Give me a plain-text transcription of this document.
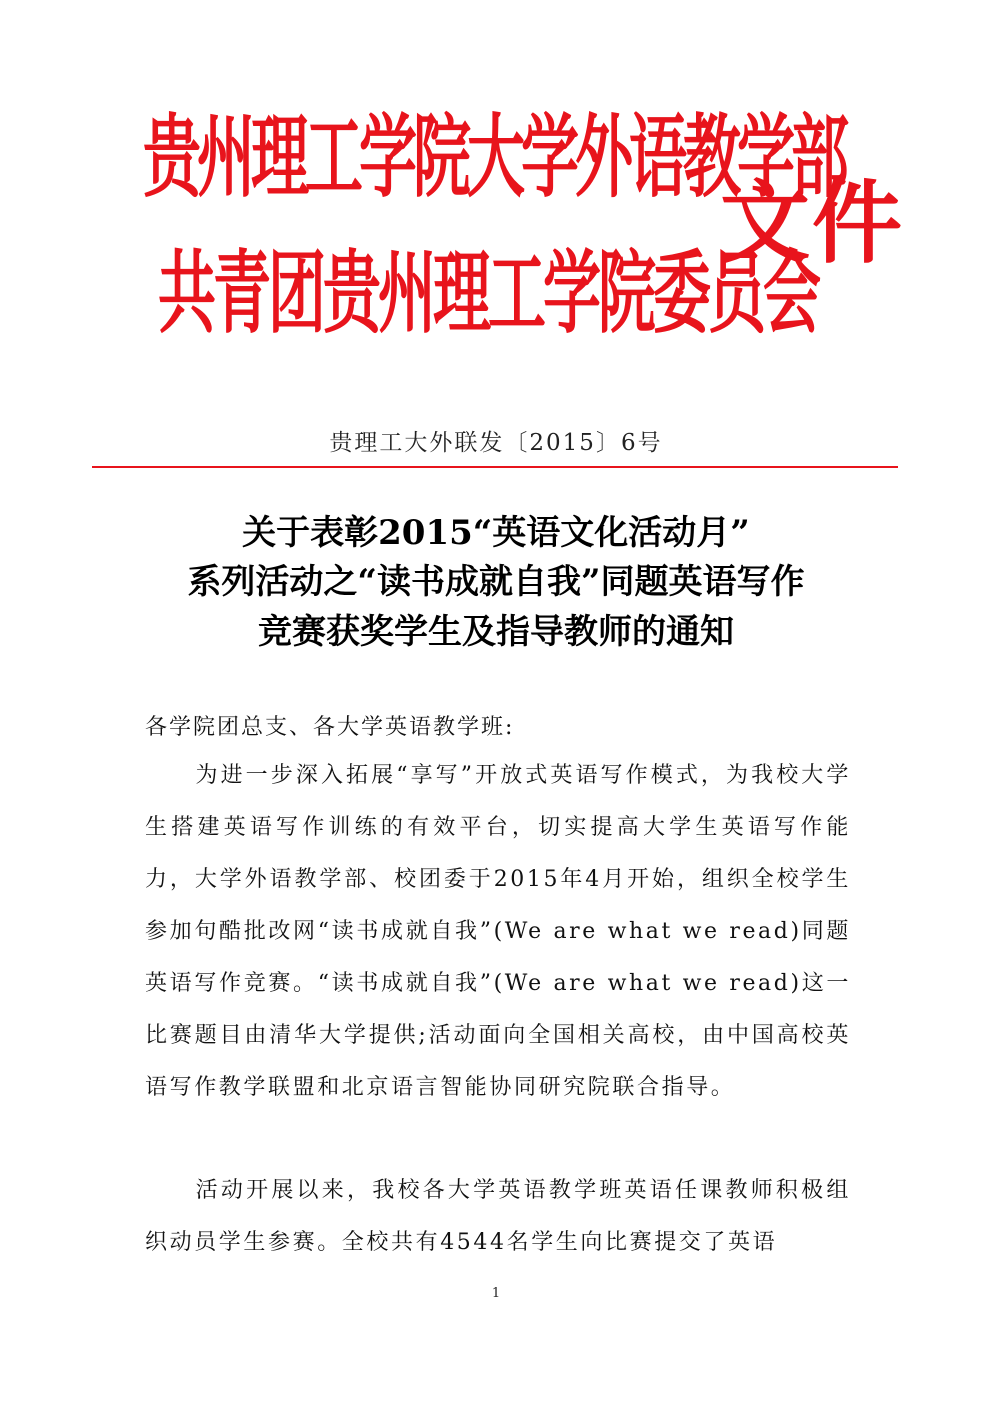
贵州理工学院大学外语教学部
共青团贵州理工学院委员会
文件
贵理工大外联发〔2015〕6号
关于表彰2015“英语文化活动月”
系列活动之“读书成就自我”同题英语写作
竞赛获奖学生及指导教师的通知
各学院团总支、各大学英语教学班:
为进一步深入拓展“享写”开放式英语写作模式，为我校大学生搭建英语写作训练的有效平台，切实提高大学生英语写作能力，大学外语教学部、校团委于2015年4月开始，组织全校学生参加句酷批改网“读书成就自我”(We are what we read)同题英语写作竞赛。“读书成就自我”(We are what we read)这一比赛题目由清华大学提供;活动面向全国相关高校，由中国高校英语写作教学联盟和北京语言智能协同研究院联合指导。
活动开展以来，我校各大学英语教学班英语任课教师积极组织动员学生参赛。全校共有4544名学生向比赛提交了英语
1
